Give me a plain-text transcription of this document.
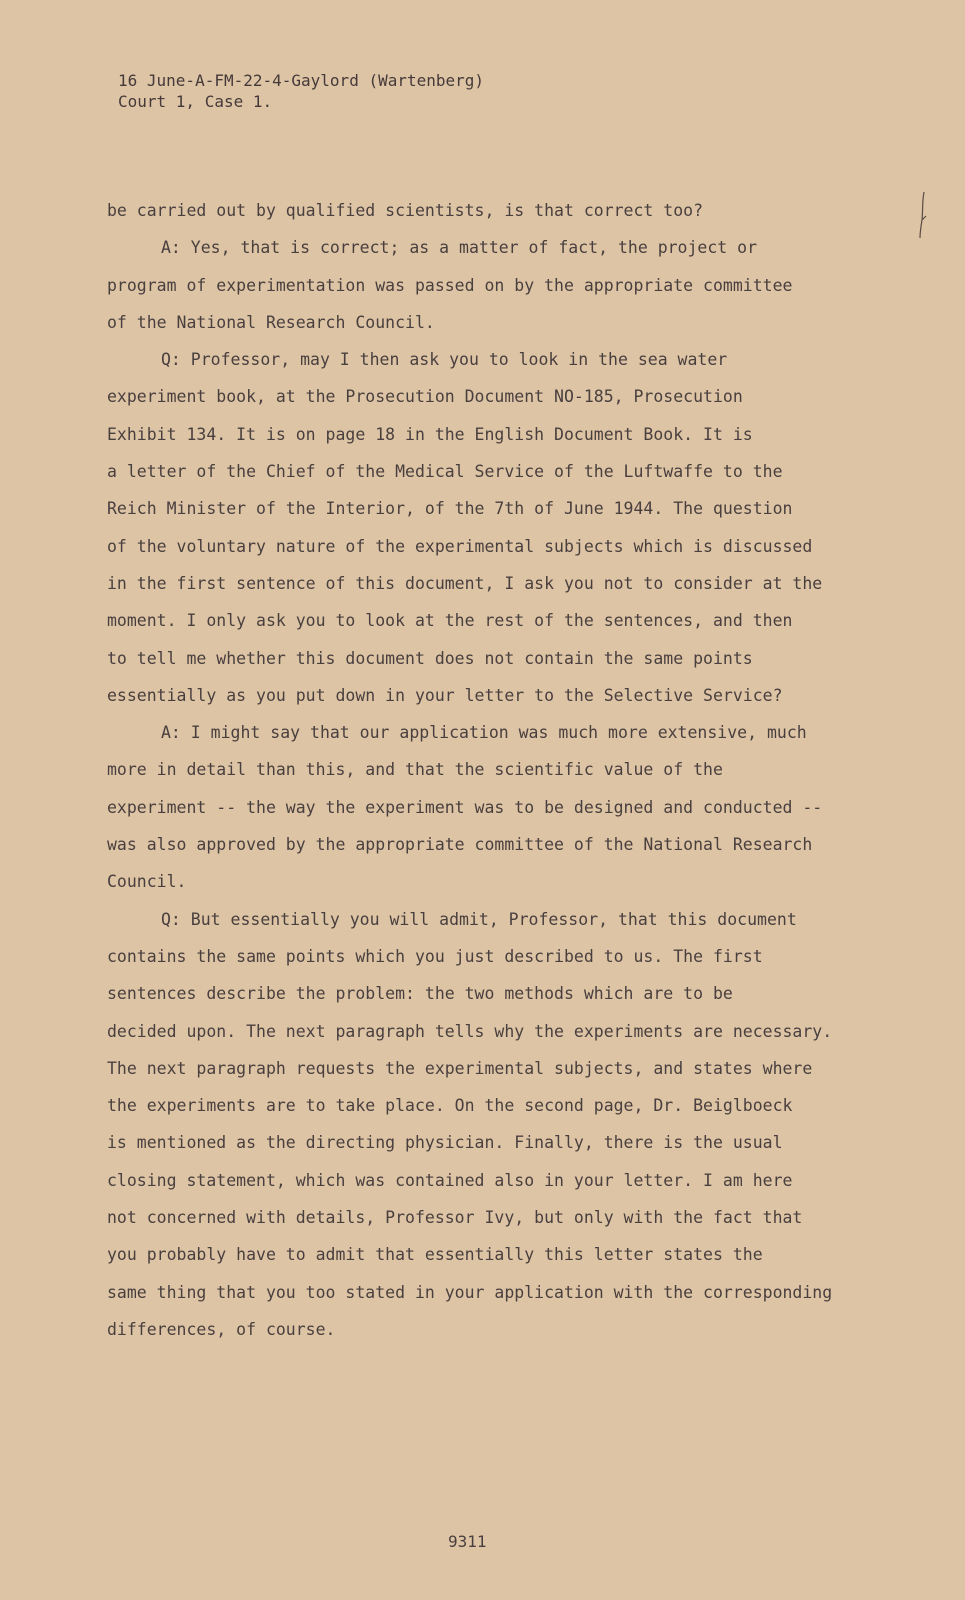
16 June-A-FM-22-4-Gaylord (Wartenberg)
Court 1, Case 1.
be carried out by qualified scientists, is that correct too?
A: Yes, that is correct; as a matter of fact, the project or
program of experimentation was passed on by the appropriate committee
of the National Research Council.
Q: Professor, may I then ask you to look in the sea water
experiment book, at the Prosecution Document NO-185, Prosecution
Exhibit 134. It is on page 18 in the English Document Book. It is
a letter of the Chief of the Medical Service of the Luftwaffe to the
Reich Minister of the Interior, of the 7th of June 1944. The question
of the voluntary nature of the experimental subjects which is discussed
in the first sentence of this document, I ask you not to consider at the
moment. I only ask you to look at the rest of the sentences, and then
to tell me whether this document does not contain the same points
essentially as you put down in your letter to the Selective Service?
A: I might say that our application was much more extensive, much
more in detail than this, and that the scientific value of the
experiment -- the way the experiment was to be designed and conducted --
was also approved by the appropriate committee of the National Research
Council.
Q: But essentially you will admit, Professor, that this document
contains the same points which you just described to us. The first
sentences describe the problem: the two methods which are to be
decided upon. The next paragraph tells why the experiments are necessary.
The next paragraph requests the experimental subjects, and states where
the experiments are to take place. On the second page, Dr. Beiglboeck
is mentioned as the directing physician. Finally, there is the usual
closing statement, which was contained also in your letter. I am here
not concerned with details, Professor Ivy, but only with the fact that
you probably have to admit that essentially this letter states the
same thing that you too stated in your application with the corresponding
differences, of course.
9311
